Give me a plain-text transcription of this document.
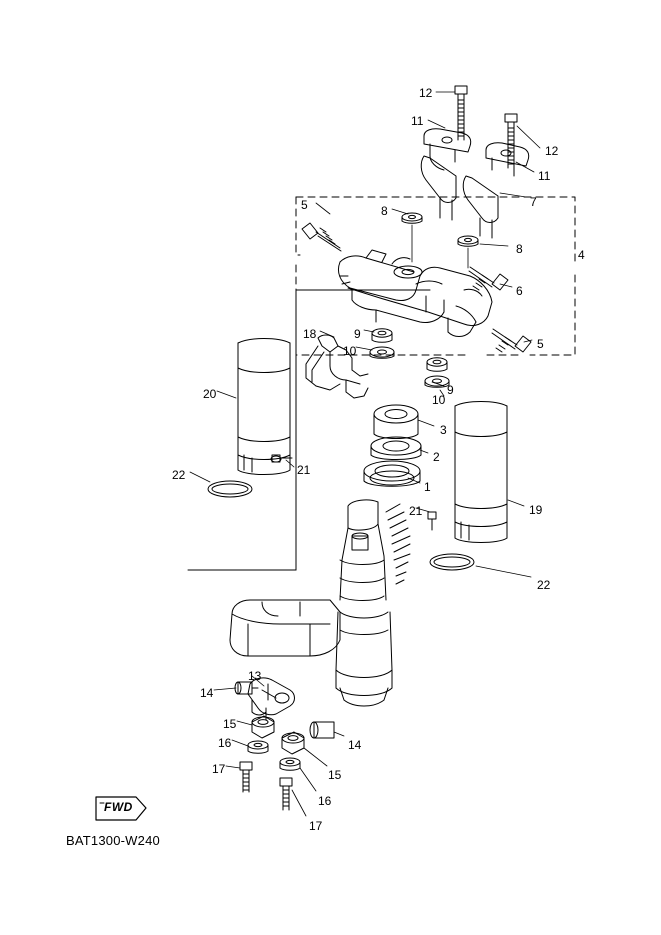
12
11
12
11
7
5	8
8	4
6
18	9
5
10
9
10
20
3
2
22	21
1
21	19
22
13
14
15
14
16
15
17
16
17
FWD
BAT1300-W240
